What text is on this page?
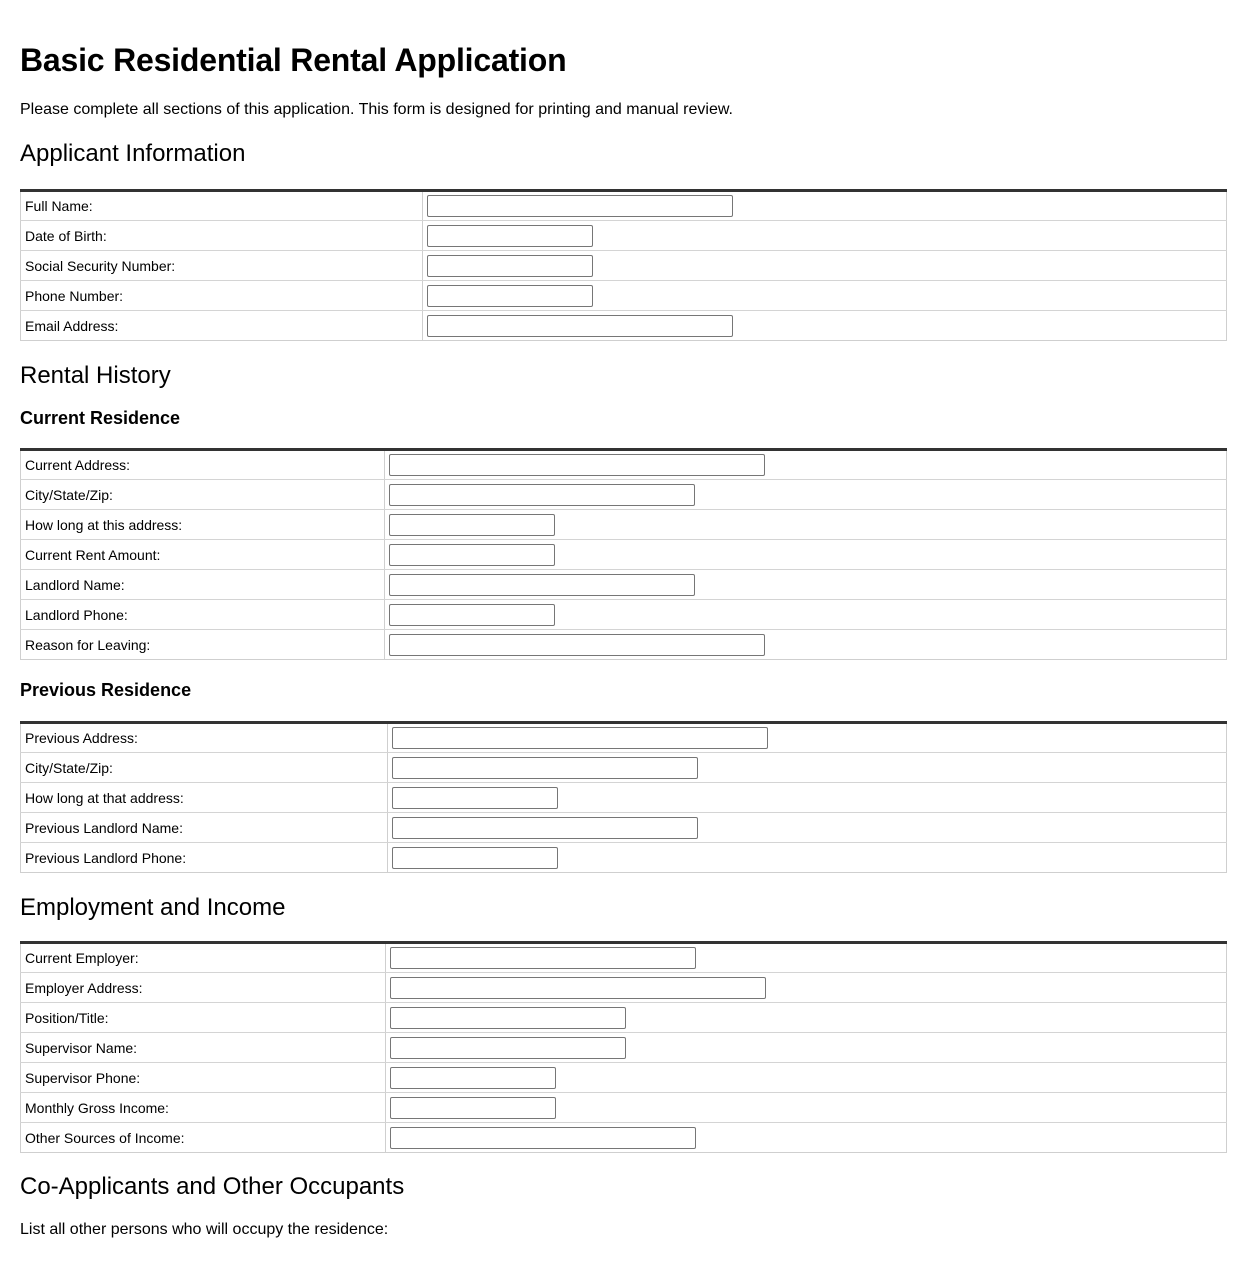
Basic Residential Rental Application

Please complete all sections of this application. This form is designed for printing and manual review.

Applicant Information
Full Name:	

Date of Birth:	

Social Security Number:	

Phone Number:	

Email Address:	
Rental History
Current Residence
Current Address:	

City/State/Zip:	

How long at this address:	

Current Rent Amount:	

Landlord Name:	

Landlord Phone:	

Reason for Leaving:	
Previous Residence
Previous Address:	

City/State/Zip:	

How long at that address:	

Previous Landlord Name:	

Previous Landlord Phone:	
Employment and Income
Current Employer:	

Employer Address:	

Position/Title:	

Supervisor Name:	

Supervisor Phone:	

Monthly Gross Income:	

Other Sources of Income:	
Co-Applicants and Other Occupants

List all other persons who will occupy the residence:
